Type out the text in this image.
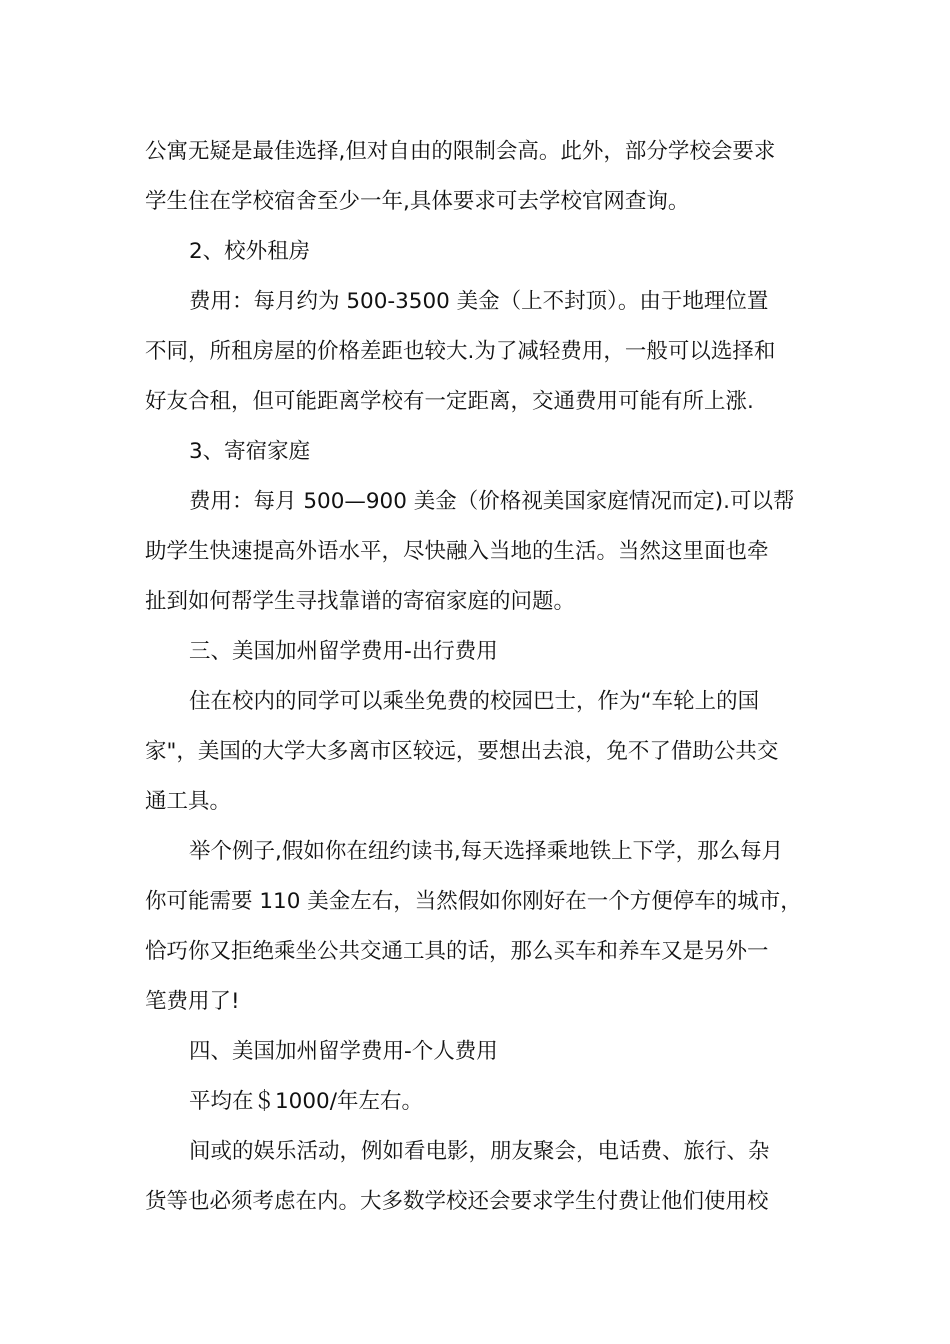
公寓无疑是最佳选择,但对自由的限制会高。此外，部分学校会要求
学生住在学校宿舍至少一年,具体要求可去学校官网查询。
2、校外租房
费用：每月约为 500-3500 美金（上不封顶）。由于地理位置
不同，所租房屋的价格差距也较大.为了减轻费用，一般可以选择和
好友合租，但可能距离学校有一定距离，交通费用可能有所上涨.
3、寄宿家庭
费用：每月 500—900 美金（价格视美国家庭情况而定).可以帮
助学生快速提高外语水平，尽快融入当地的生活。当然这里面也牵
扯到如何帮学生寻找靠谱的寄宿家庭的问题。
三、美国加州留学费用-出行费用
住在校内的同学可以乘坐免费的校园巴士，作为“车轮上的国
家"，美国的大学大多离市区较远，要想出去浪，免不了借助公共交
通工具。
举个例子,假如你在纽约读书,每天选择乘地铁上下学，那么每月
你可能需要 110 美金左右，当然假如你刚好在一个方便停车的城市，
恰巧你又拒绝乘坐公共交通工具的话，那么买车和养车又是另外一
笔费用了!
四、美国加州留学费用-个人费用
平均在＄1000/年左右。
间或的娱乐活动，例如看电影，朋友聚会，电话费、旅行、杂
货等也必须考虑在内。大多数学校还会要求学生付费让他们使用校
